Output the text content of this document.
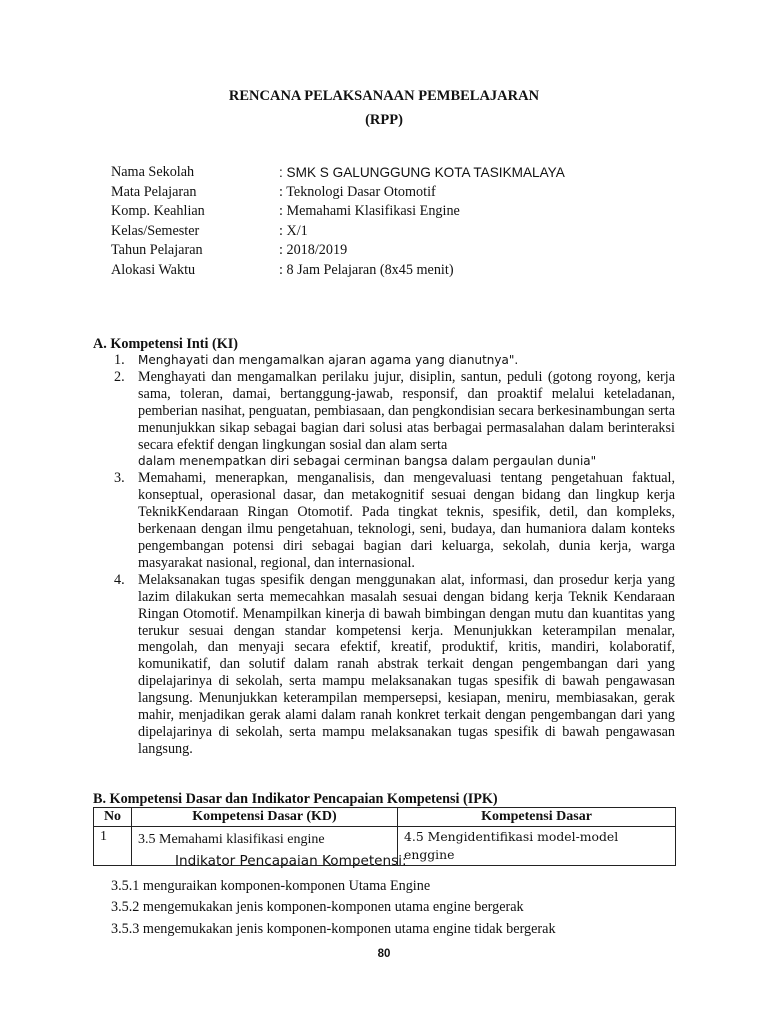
RENCANA PELAKSANAAN PEMBELAJARAN
(RPP)
Nama Sekolah	: SMK S GALUNGGUNG KOTA TASIKMALAYA
Mata Pelajaran	: Teknologi Dasar Otomotif
Komp. Keahlian	: Memahami Klasifikasi Engine
Kelas/Semester	: X/1
Tahun Pelajaran	: 2018/2019
Alokasi Waktu	: 8 Jam Pelajaran (8x45 menit)
A. Kompetensi Inti (KI)
1. Menghayati dan mengamalkan ajaran agama yang dianutnya".
2. Menghayati dan mengamalkan perilaku jujur, disiplin, santun, peduli (gotong royong, kerja sama, toleran, damai, bertanggung-jawab, responsif, dan proaktif melalui keteladanan, pemberian nasihat, penguatan, pembiasaan, dan pengkondisian secara berkesinambungan serta menunjukkan sikap sebagai bagian dari solusi atas berbagai permasalahan dalam berinteraksi secara efektif dengan lingkungan sosial dan alam serta
dalam menempatkan diri sebagai cerminan bangsa dalam pergaulan dunia"
3. Memahami, menerapkan, menganalisis, dan mengevaluasi tentang pengetahuan faktual, konseptual, operasional dasar, dan metakognitif sesuai dengan bidang dan lingkup kerja TeknikKendaraan Ringan Otomotif. Pada tingkat teknis, spesifik, detil, dan kompleks, berkenaan dengan ilmu pengetahuan, teknologi, seni, budaya, dan humaniora dalam konteks pengembangan potensi diri sebagai bagian dari keluarga, sekolah, dunia kerja, warga masyarakat nasional, regional, dan internasional.
4. Melaksanakan tugas spesifik dengan menggunakan alat, informasi, dan prosedur kerja yang lazim dilakukan serta memecahkan masalah sesuai dengan bidang kerja Teknik Kendaraan Ringan Otomotif. Menampilkan kinerja di bawah bimbingan dengan mutu dan kuantitas yang terukur sesuai dengan standar kompetensi kerja. Menunjukkan keterampilan menalar, mengolah, dan menyaji secara efektif, kreatif, produktif, kritis, mandiri, kolaboratif, komunikatif, dan solutif dalam ranah abstrak terkait dengan pengembangan dari yang dipelajarinya di sekolah, serta mampu melaksanakan tugas spesifik di bawah pengawasan langsung. Menunjukkan keterampilan mempersepsi, kesiapan, meniru, membiasakan, gerak mahir, menjadikan gerak alami dalam ranah konkret terkait dengan pengembangan dari yang dipelajarinya di sekolah, serta mampu melaksanakan tugas spesifik di bawah pengawasan langsung.
B. Kompetensi Dasar dan Indikator Pencapaian Kompetensi (IPK)
No	Kompetensi Dasar (KD)	Kompetensi Dasar
1	3.5 Memahami klasifikasi engine	4.5 Mengidentifikasi model-model enggine
Indikator Pencapaian Kompetensi:
3.5.1 menguraikan komponen-komponen Utama Engine
3.5.2 mengemukakan jenis komponen-komponen utama engine bergerak
3.5.3 mengemukakan jenis komponen-komponen utama engine tidak bergerak
80
